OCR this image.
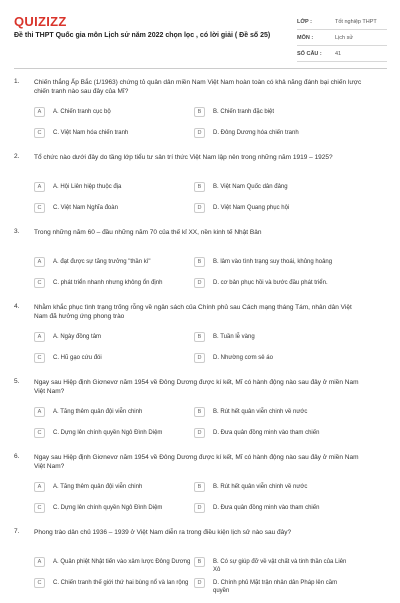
QUIZIZZ
Đề thi THPT Quốc gia môn Lịch sử năm 2022 chọn lọc , có lời giải ( Đề số 25)
LỚP :	Tốt nghiệp THPT
MÔN :	Lịch sử
SỐ CÂU :	41
1. Chiến thắng Ấp Bắc (1/1963) chứng tỏ quân dân miền Nam Việt Nam hoàn toàn có khả năng đánh bại chiến lược chiến tranh nào sau đây của Mĩ?
A	A. Chiến tranh cục bộ	B	B. Chiến tranh đặc biệt
C	C. Việt Nam hóa chiến tranh	D	D. Đông Dương hóa chiến tranh
2. Tổ chức nào dưới đây do tầng lớp tiểu tư sản trí thức Việt Nam lập nên trong những năm 1919 – 1925?
A	A. Hội Liên hiệp thuộc địa	B	B. Việt Nam Quốc dân đảng
C	C. Việt Nam Nghĩa đoàn	D	D. Việt Nam Quang phục hội
3. Trong những năm 60 – đầu những năm 70 của thế kỉ XX, nền kinh tế Nhật Bản
A	A. đạt được sự tăng trưởng "thần kì"	B	B. lâm vào tình trạng suy thoái, khủng hoảng
C	C. phát triển nhanh nhưng không ổn định	D	D. cơ bản phục hồi và bước đầu phát triển.
4. Nhằm khắc phục tình trạng trống rỗng về ngân sách của Chính phủ sau Cách mạng tháng Tám, nhân dân Việt Nam đã hưởng ứng phong trào
A	A. Ngày đồng tâm	B	B. Tuần lễ vàng
C	C. Hũ gạo cứu đói	D	D. Nhường cơm sẻ áo
5. Ngay sau Hiệp định Giơnevơ năm 1954 về Đông Dương được kí kết, Mĩ có hành động nào sau đây ở miền Nam Việt Nam?
A	A. Tăng thêm quân đội viễn chinh	B	B. Rút hết quân viễn chinh về nước
C	C. Dựng lên chính quyền Ngô Đình Diệm	D	D. Đưa quân đồng minh vào tham chiến
6. Ngay sau Hiệp định Giơnevơ năm 1954 về Đông Dương được kí kết, Mĩ có hành động nào sau đây ở miền Nam Việt Nam?
A	A. Tăng thêm quân đội viễn chinh	B	B. Rút hết quân viễn chinh về nước
C	C. Dựng lên chính quyền Ngô Đình Diệm	D	D. Đưa quân đồng minh vào tham chiến
7. Phong trào dân chủ 1936 – 1939 ở Việt Nam diễn ra trong điều kiện lịch sử nào sau đây?
A	A. Quân phiệt Nhật tiến vào xâm lược Đông Dương	B	B. Có sự giúp đỡ về vật chất và tinh thần của Liên Xô
C	C. Chiến tranh thế giới thứ hai bùng nổ và lan rộng	D	D. Chính phủ Mặt trận nhân dân Pháp lên cầm quyền
